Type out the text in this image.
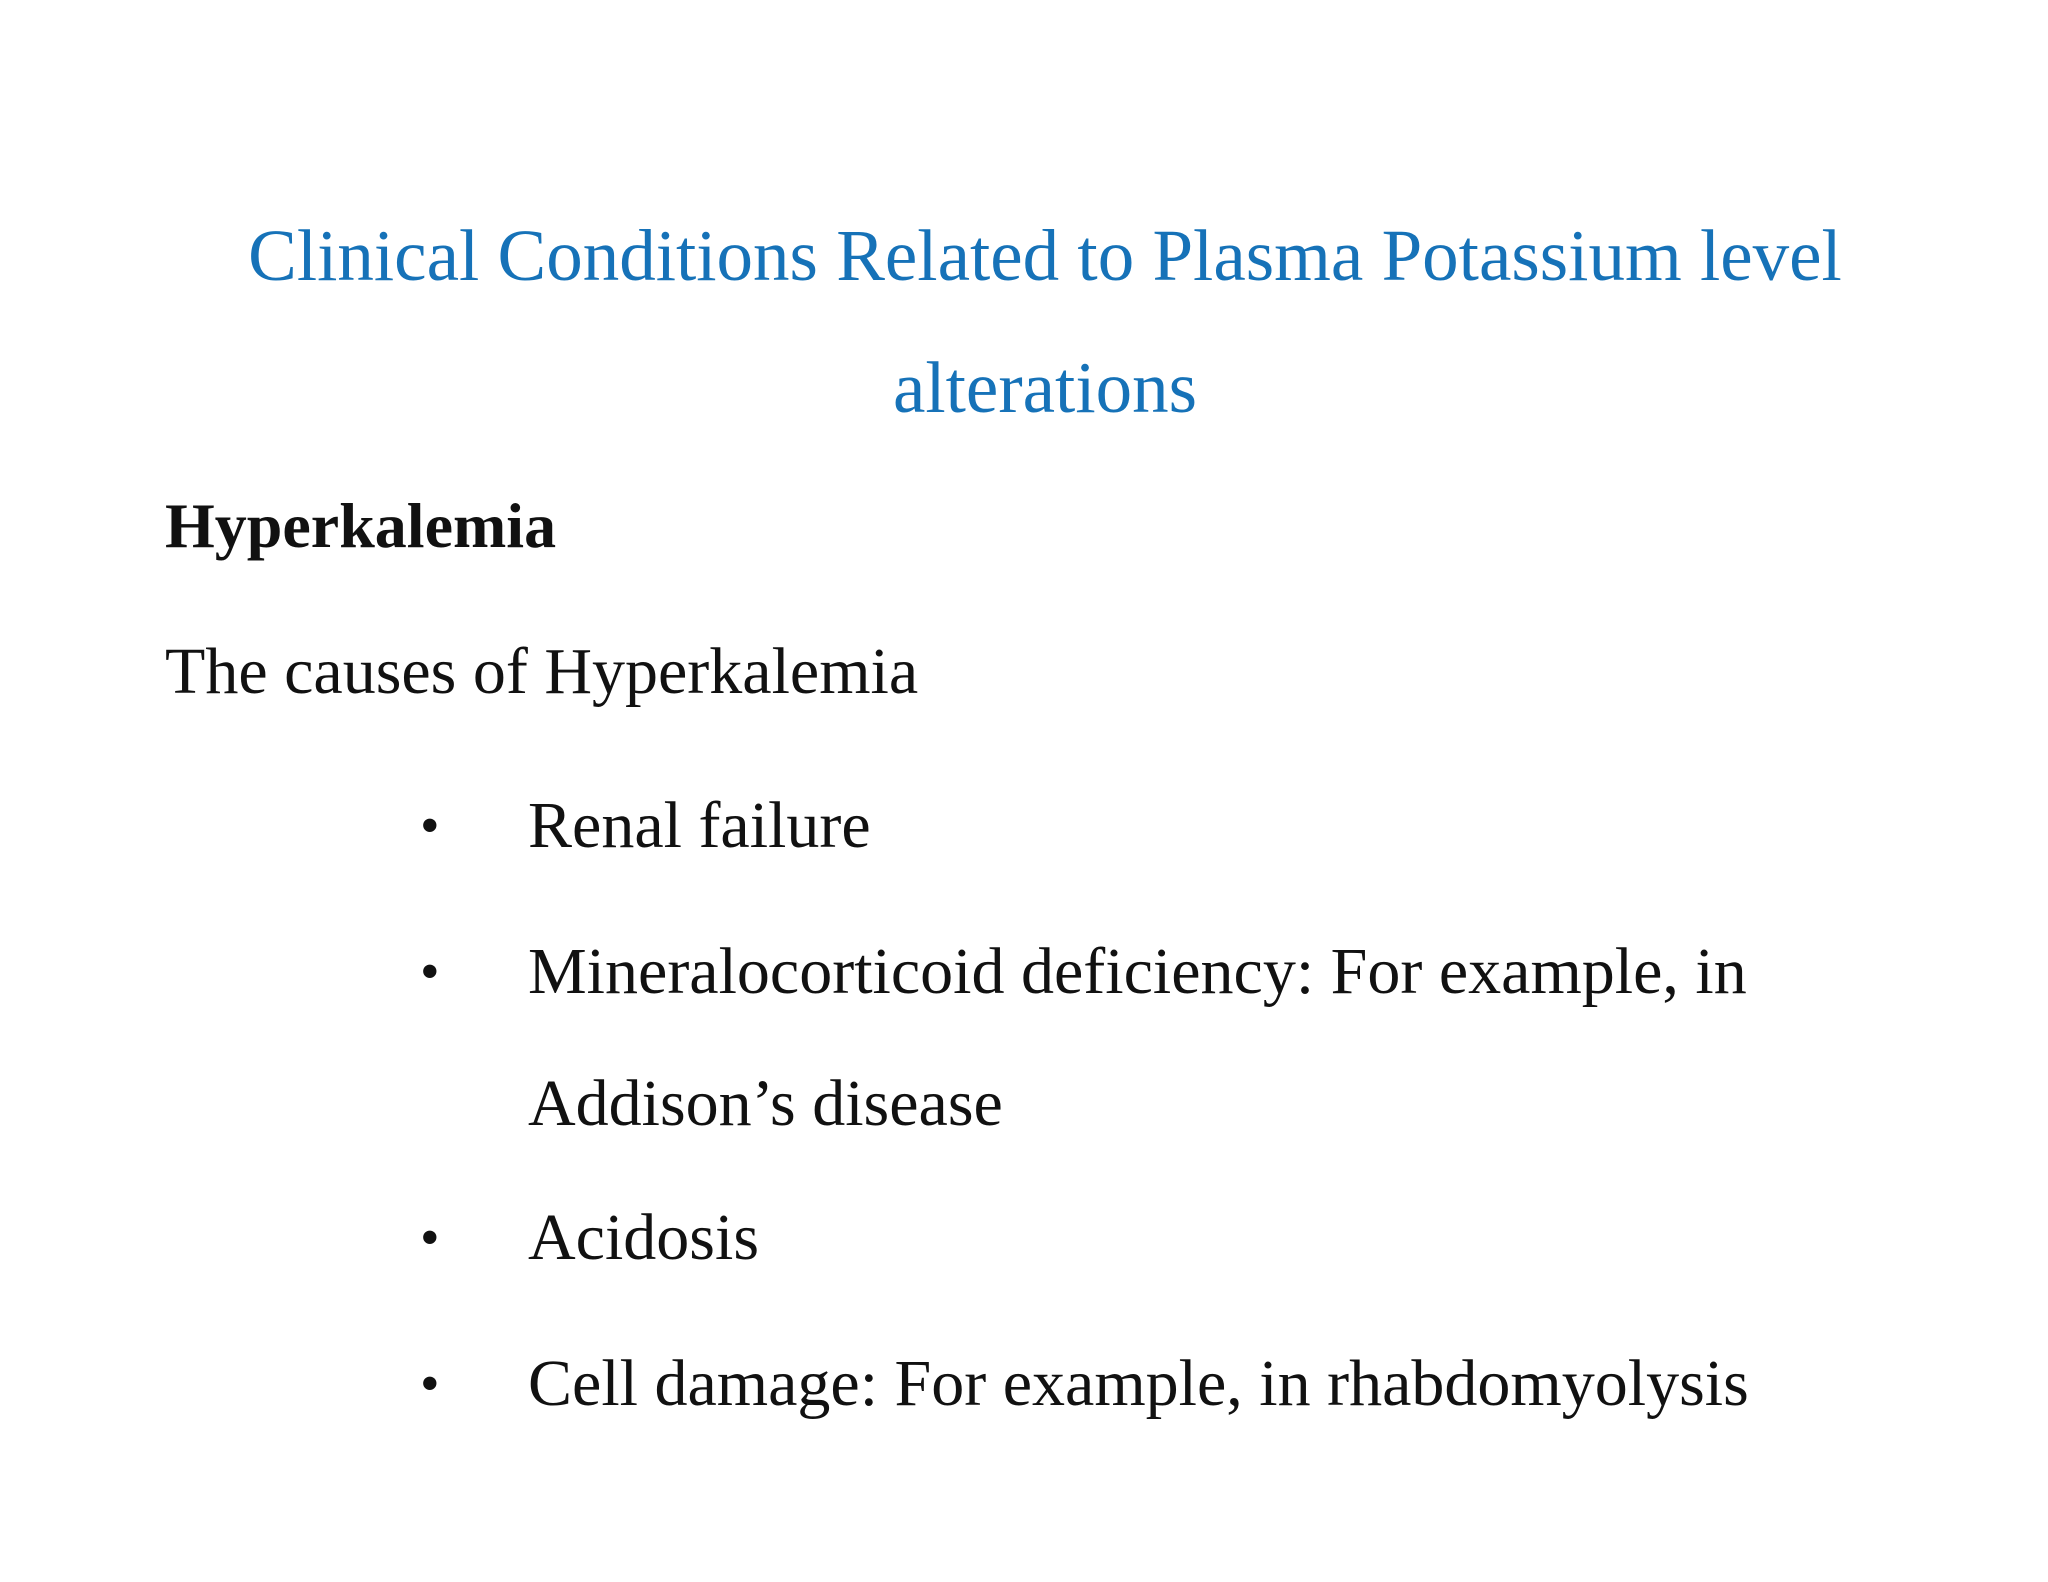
Clinical Conditions Related to Plasma Potassium level
alterations
Hyperkalemia

The causes of Hyperkalemia

• Renal failure
• Mineralocorticoid deficiency: For example, in Addison’s disease
• Acidosis
• Cell damage: For example, in rhabdomyolysis
